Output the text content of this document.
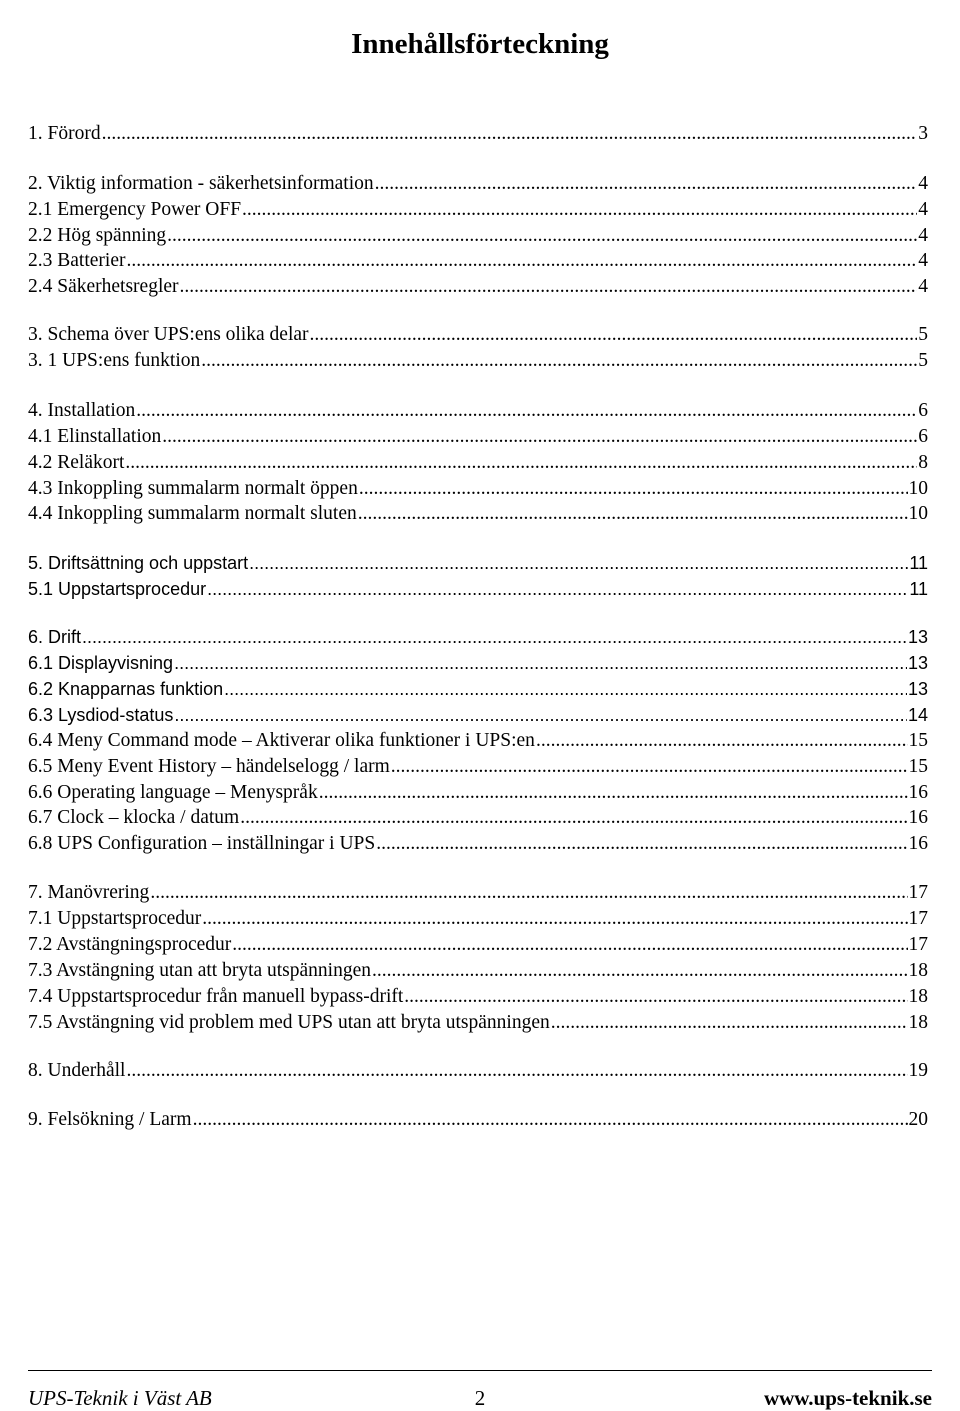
Innehållsförteckning
1. Förord .....	3
2. Viktig information - säkerhetsinformation .....	4
2.1 Emergency Power OFF .....	4
2.2 Hög spänning .....	4
2.3 Batterier .....	4
2.4 Säkerhetsregler .....	4
3. Schema över UPS:ens olika delar .....	5
3. 1 UPS:ens funktion .....	5
4. Installation .....	6
4.1 Elinstallation .....	6
4.2 Reläkort .....	8
4.3 Inkoppling summalarm normalt öppen .....	10
4.4 Inkoppling summalarm normalt sluten .....	10
5. Driftsättning och uppstart .....	11
5.1 Uppstartsprocedur .....	11
6. Drift .....	13
6.1 Displayvisning .....	13
6.2 Knapparnas funktion .....	13
6.3 Lysdiod-status .....	14
6.4 Meny Command mode – Aktiverar olika funktioner i UPS:en .....	15
6.5 Meny Event History – händelselogg / larm .....	15
6.6 Operating language – Menyspråk .....	16
6.7 Clock – klocka / datum .....	16
6.8 UPS Configuration – inställningar i UPS .....	16
7. Manövrering .....	17
7.1 Uppstartsprocedur .....	17
7.2 Avstängningsprocedur .....	17
7.3 Avstängning utan att bryta utspänningen .....	18
7.4 Uppstartsprocedur från manuell bypass-drift .....	18
7.5 Avstängning vid problem med UPS utan att bryta utspänningen .....	18
8. Underhåll .....	19
9. Felsökning / Larm .....	20
UPS-Teknik i Väst AB	2	www.ups-teknik.se
